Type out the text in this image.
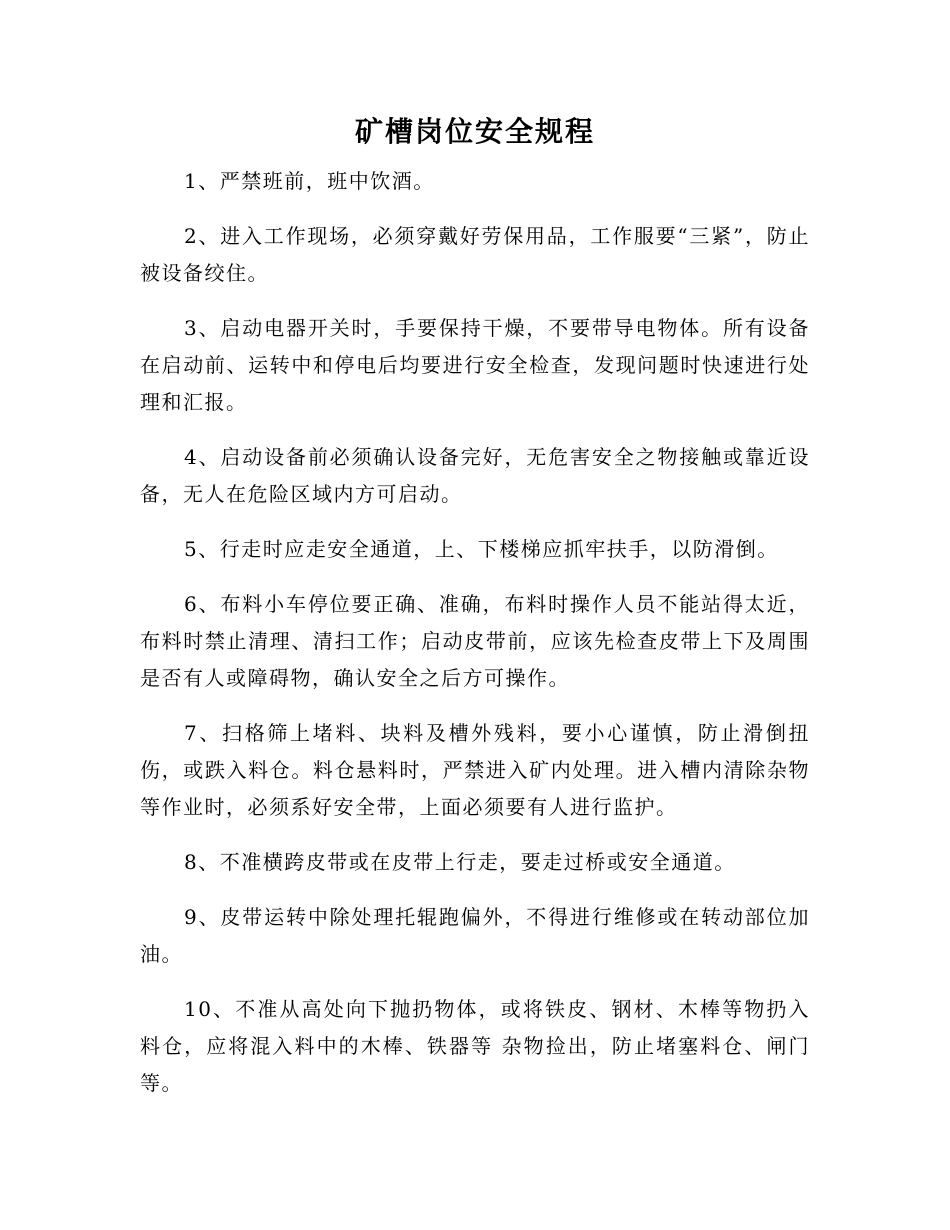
矿槽岗位安全规程

1、严禁班前，班中饮酒。

2、进入工作现场，必须穿戴好劳保用品，工作服要“三紧”，防止被设备绞住。

3、启动电器开关时，手要保持干燥，不要带导电物体。所有设备在启动前、运转中和停电后均要进行安全检查，发现问题时快速进行处理和汇报。

4、启动设备前必须确认设备完好，无危害安全之物接触或靠近设备，无人在危险区域内方可启动。

5、行走时应走安全通道，上、下楼梯应抓牢扶手，以防滑倒。

6、布料小车停位要正确、准确，布料时操作人员不能站得太近，布料时禁止清理、清扫工作；启动皮带前，应该先检查皮带上下及周围是否有人或障碍物，确认安全之后方可操作。

7、扫格筛上堵料、块料及槽外残料，要小心谨慎，防止滑倒扭伤，或跌入料仓。料仓悬料时，严禁进入矿内处理。进入槽内清除杂物等作业时，必须系好安全带，上面必须要有人进行监护。

8、不准横跨皮带或在皮带上行走，要走过桥或安全通道。

9、皮带运转中除处理托辊跑偏外，不得进行维修或在转动部位加油。

10、不准从高处向下抛扔物体，或将铁皮、钢材、木棒等物扔入料仓，应将混入料中的木棒、铁器等 杂物捡出，防止堵塞料仓、闸门等。
